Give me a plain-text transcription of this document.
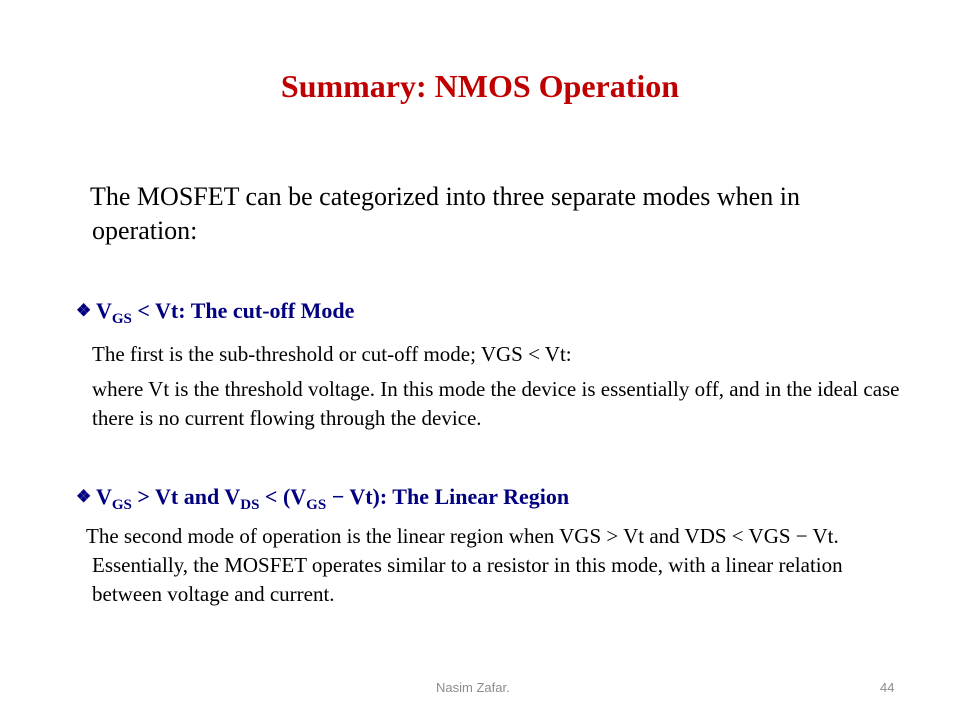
Summary: NMOS Operation
The MOSFET can be categorized into three separate modes when in operation:
❖ $V_{GS} < Vt$: The cut-off Mode
The first is the sub-threshold or cut-off mode; VGS < Vt:
where Vt is the threshold voltage. In this mode the device is essentially off, and in the ideal case there is no current flowing through the device.
❖ $V_{GS} > Vt$ and $V_{DS} < (V_{GS} - Vt)$: The Linear Region
The second mode of operation is the linear region when VGS > Vt and VDS < VGS − Vt. Essentially, the MOSFET operates similar to a resistor in this mode, with a linear relation between voltage and current.
Nasim Zafar.	44
